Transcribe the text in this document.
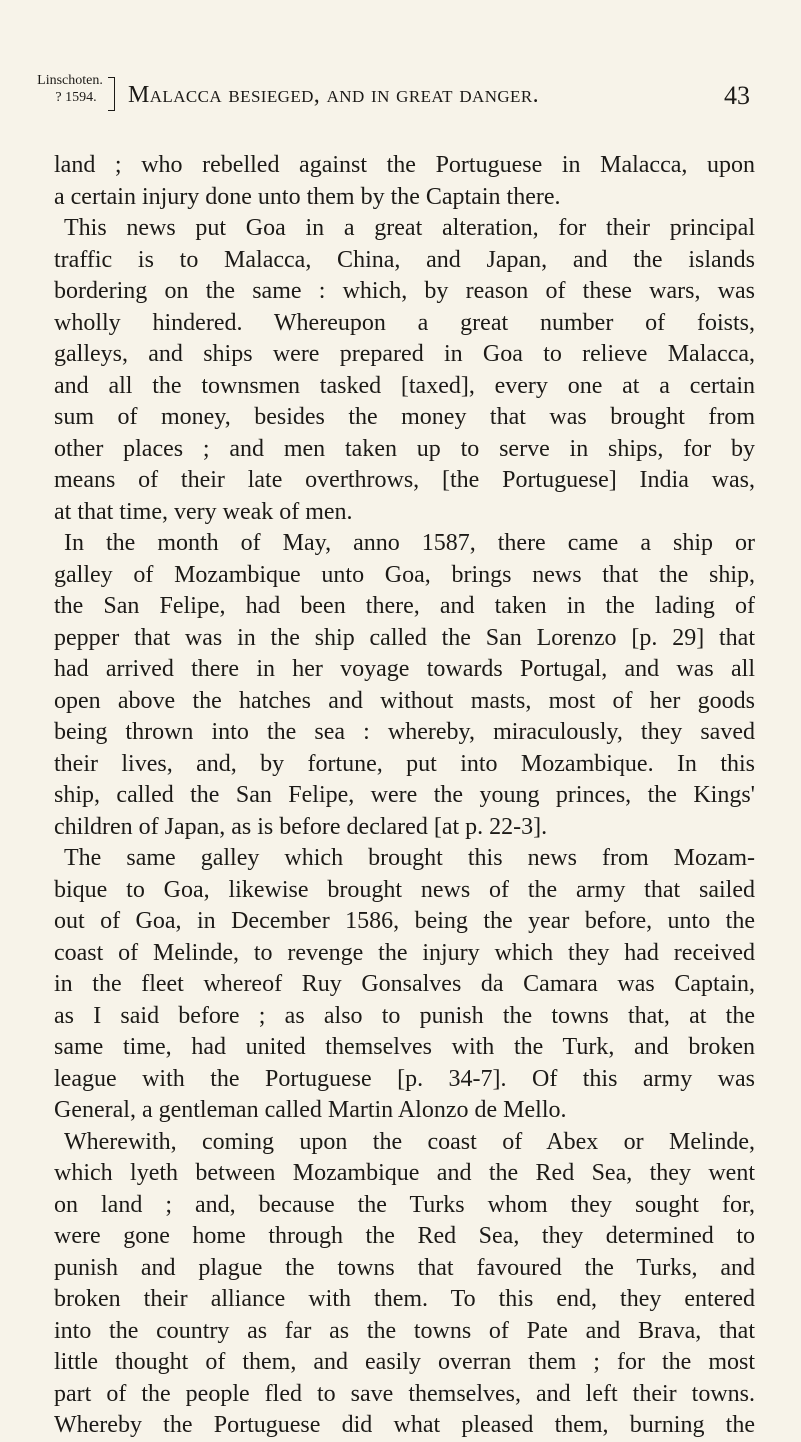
Linschoten.
? 1594.	Malacca besieged, and in great danger.	43
land ; who rebelled against the Portuguese in Malacca, upon
a certain injury done unto them by the Captain there.
This news put Goa in a great alteration, for their principal
traffic is to Malacca, China, and Japan, and the islands
bordering on the same : which, by reason of these wars, was
wholly hindered. Whereupon a great number of foists,
galleys, and ships were prepared in Goa to relieve Malacca,
and all the townsmen tasked [taxed], every one at a certain
sum of money, besides the money that was brought from
other places ; and men taken up to serve in ships, for by
means of their late overthrows, [the Portuguese] India was,
at that time, very weak of men.
In the month of May, anno 1587, there came a ship or
galley of Mozambique unto Goa, brings news that the ship,
the San Felipe, had been there, and taken in the lading of
pepper that was in the ship called the San Lorenzo [p. 29] that
had arrived there in her voyage towards Portugal, and was all
open above the hatches and without masts, most of her goods
being thrown into the sea : whereby, miraculously, they saved
their lives, and, by fortune, put into Mozambique. In this
ship, called the San Felipe, were the young princes, the Kings'
children of Japan, as is before declared [at p. 22-3].
The same galley which brought this news from Mozam-
bique to Goa, likewise brought news of the army that sailed
out of Goa, in December 1586, being the year before, unto the
coast of Melinde, to revenge the injury which they had received
in the fleet whereof Ruy Gonsalves da Camara was Captain,
as I said before ; as also to punish the towns that, at the
same time, had united themselves with the Turk, and broken
league with the Portuguese [p. 34-7]. Of this army was
General, a gentleman called Martin Alonzo de Mello.
Wherewith, coming upon the coast of Abex or Melinde,
which lyeth between Mozambique and the Red Sea, they went
on land ; and, because the Turks whom they sought for,
were gone home through the Red Sea, they determined to
punish and plague the towns that favoured the Turks, and
broken their alliance with them. To this end, they entered
into the country as far as the towns of Pate and Brava, that
little thought of them, and easily overran them ; for the most
part of the people fled to save themselves, and left their towns.
Whereby the Portuguese did what pleased them, burning the
